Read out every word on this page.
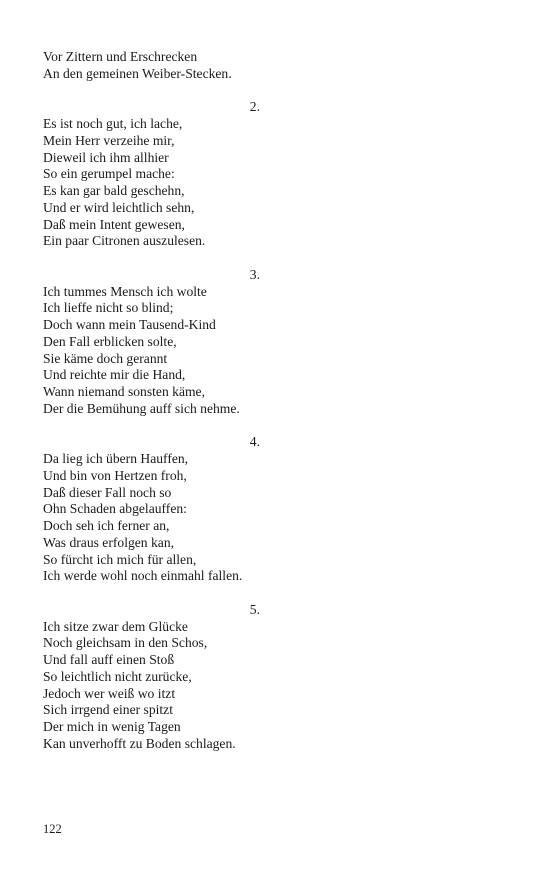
Vor Zittern und Erschrecken
An den gemeinen Weiber-Stecken.
2.
Es ist noch gut, ich lache,
Mein Herr verzeihe mir,
Dieweil ich ihm allhier
So ein gerumpel mache:
Es kan gar bald geschehn,
Und er wird leichtlich sehn,
Daß mein Intent gewesen,
Ein paar Citronen auszulesen.
3.
Ich tummes Mensch ich wolte
Ich lieffe nicht so blind;
Doch wann mein Tausend-Kind
Den Fall erblicken solte,
Sie käme doch gerannt
Und reichte mir die Hand,
Wann niemand sonsten käme,
Der die Bemühung auff sich nehme.
4.
Da lieg ich übern Hauffen,
Und bin von Hertzen froh,
Daß dieser Fall noch so
Ohn Schaden abgelauffen:
Doch seh ich ferner an,
Was draus erfolgen kan,
So fürcht ich mich für allen,
Ich werde wohl noch einmahl fallen.
5.
Ich sitze zwar dem Glücke
Noch gleichsam in den Schos,
Und fall auff einen Stoß
So leichtlich nicht zurücke,
Jedoch wer weiß wo itzt
Sich irrgend einer spitzt
Der mich in wenig Tagen
Kan unverhofft zu Boden schlagen.
122
